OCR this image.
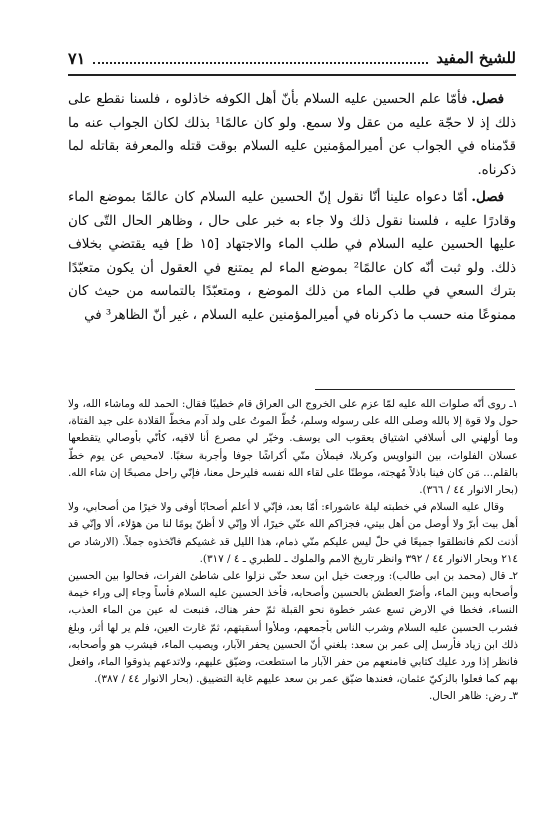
للشيخ المفيد
٧١

فصل.فأمّا علم الحسين عليه السلام بأنّ أهل الكوفه خاذلوه ، فلسنا نقطع على ذلك إذ لا حجّة عليه من عقل ولا سمع. ولو كان عالمًا¹ بذلك لكان الجواب عنه ما قدّمناه في الجواب عن أميرالمؤمنين عليه السلام بوقت قتله والمعرفة بقاتله لما ذكرناه.

فصل.أمّا دعواه علينا أنّا نقول إنّ الحسين عليه السلام كان عالمًا بموضع الماء وقادرًا عليه ، فلسنا نقول ذلك ولا جاء به خبر على حال ، وظاهر الحال التّى كان عليها الحسين عليه السلام في طلب الماء والاجتهاد [١٥ ظ] فيه يقتضي بخلاف ذلك. ولو ثبت أنّه كان عالمًا² بموضع الماء لم يمتنع في العقول أن يكون متعبّدًا بترك السعي في طلب الماء من ذلك الموضع ، ومتعبّدًا بالتماسه من حيث كان ممنوعًا منه حسب ما ذكرناه في أميرالمؤمنين عليه السلام ، غير أنّ الظاهر³ في

١ـ روى أنّه صلوات الله عليه لمّا عزم على الخروج الى العراق قام خطيبًا فقال: الحمد لله وماشاء الله، ولا حول ولا قوة إلا بالله وصلى الله على رسوله وسلم، خُطّ الموتُ على ولد آدم مخطّ القلادة على جيد الفتاة، وما أولهني الى أسلافي اشتياق يعقوب الى يوسف. وخيّر لي مصرع أنا لاقيه، كأنّي بأوصالي يتقطعها عسلان الفلوات، بين النواويس وكربلا، فيملأن منّي أكراشًا جوفا وأجربة سغبًا. لامحيص عن يوم خطّ بالقلم... مَن كان فينا باذلاً مُهجته، موطنًا على لقاء الله نفسه فليرحل معنا، فإنّي راحل مصبحًا إن شاء الله. (بحار الانوار ٤٤ / ٣٦٦).

وقال عليه السلام في خطبته ليلة عاشوراء: أمّا بعد، فإنّي لا أعلم أصحابًا أوفى ولا خيرًا من أصحابي، ولا أهل بيت أبرّ ولا أوصل من أهل بيتي، فجزاكم الله عنّي خيرًا، ألا وإنّي لا أظنّ يومًا لنا من هؤلاء، ألا وإنّي قد أذنت لكم فانطلقوا جميعًا في حلّ ليس عليكم منّي ذمام، هذا الليل قد غشيكم فاتّخذوه جملاً. (الارشاد ص ٢١٤ وبحار الانوار ٤٤ / ٣٩٢ وانظر تاريخ الامم والملوك ـ للطبري ـ ٤ / ٣١٧).

٢ـ قال (محمد بن ابى طالب): ورجعت خيل ابن سعد حتّى نزلوا على شاطئ الفرات، فحالوا بين الحسين وأصحابه وبين الماء، وأضرّ العطش بالحسين وأصحابه، فأخذ الحسين عليه السلام فأساً وجاء إلى وراء خيمة النساء، فخطا في الارض تسع عشر خطوة نحو القبلة ثمّ حفر هناك، فنبعت له عين من الماء العذب، فشرب الحسين عليه السلام وشرب الناس بأجمعهم، وملأوا أسقيتهم، ثمّ غارت العين، فلم ير لها أثر، وبلغ ذلك ابن زياد فأرسل إلى عمر بن سعد: بلغني أنّ الحسين يحفر الآبار، ويصيب الماء، فيشرب هو وأصحابه، فانظر إذا ورد عليك كتابي فامنعهم من حفر الآبار ما استطعت، وضيّق عليهم، ولاتدعهم يذوقوا الماء، وافعل بهم كما فعلوا بالزكيّ عثمان، فعندها ضيّق عمر بن سعد عليهم غاية التضييق. (بحار الانوار ٤٤ / ٣٨٧).

٣ـ رض: ظاهر الحال.
